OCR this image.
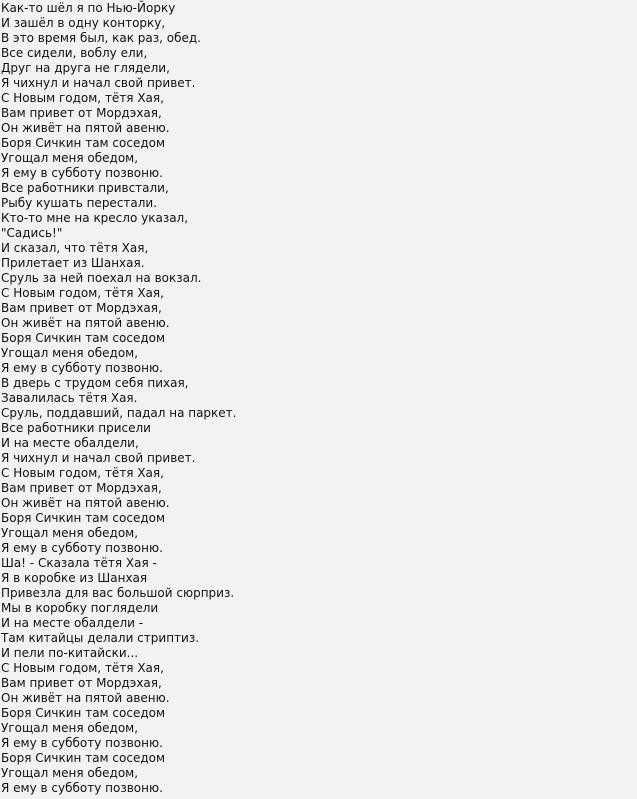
Как-то шёл я по Нью-Йорку
И зашёл в одну конторку,
В это время был, как раз, обед.
Все сидели, воблу ели,
Друг на друга не глядели,
Я чихнул и начал свой привет.
С Новым годом, тётя Хая,
Вам привет от Мордэхая,
Он живёт на пятой авеню.
Боря Сичкин там соседом
Угощал меня обедом,
Я ему в субботу позвоню.
Все работники привстали,
Рыбу кушать перестали.
Кто-то мне на кресло указал,
"Садись!"
И сказал, что тётя Хая,
Прилетает из Шанхая.
Сруль за ней поехал на вокзал.
С Новым годом, тётя Хая,
Вам привет от Мордэхая,
Он живёт на пятой авеню.
Боря Сичкин там соседом
Угощал меня обедом,
Я ему в субботу позвоню.
В дверь с трудом себя пихая,
Завалилась тётя Хая.
Сруль, поддавший, падал на паркет.
Все работники присели
И на месте обалдели,
Я чихнул и начал свой привет.
С Новым годом, тётя Хая,
Вам привет от Мордэхая,
Он живёт на пятой авеню.
Боря Сичкин там соседом
Угощал меня обедом,
Я ему в субботу позвоню.
Ша! - Сказала тётя Хая -
Я в коробке из Шанхая
Привезла для вас большой сюрприз.
Мы в коробку поглядели
И на месте обалдели -
Там китайцы делали стриптиз.
И пели по-китайски...
С Новым годом, тётя Хая,
Вам привет от Мордэхая,
Он живёт на пятой авеню.
Боря Сичкин там соседом
Угощал меня обедом,
Я ему в субботу позвоню.
Боря Сичкин там соседом
Угощал меня обедом,
Я ему в субботу позвоню.
